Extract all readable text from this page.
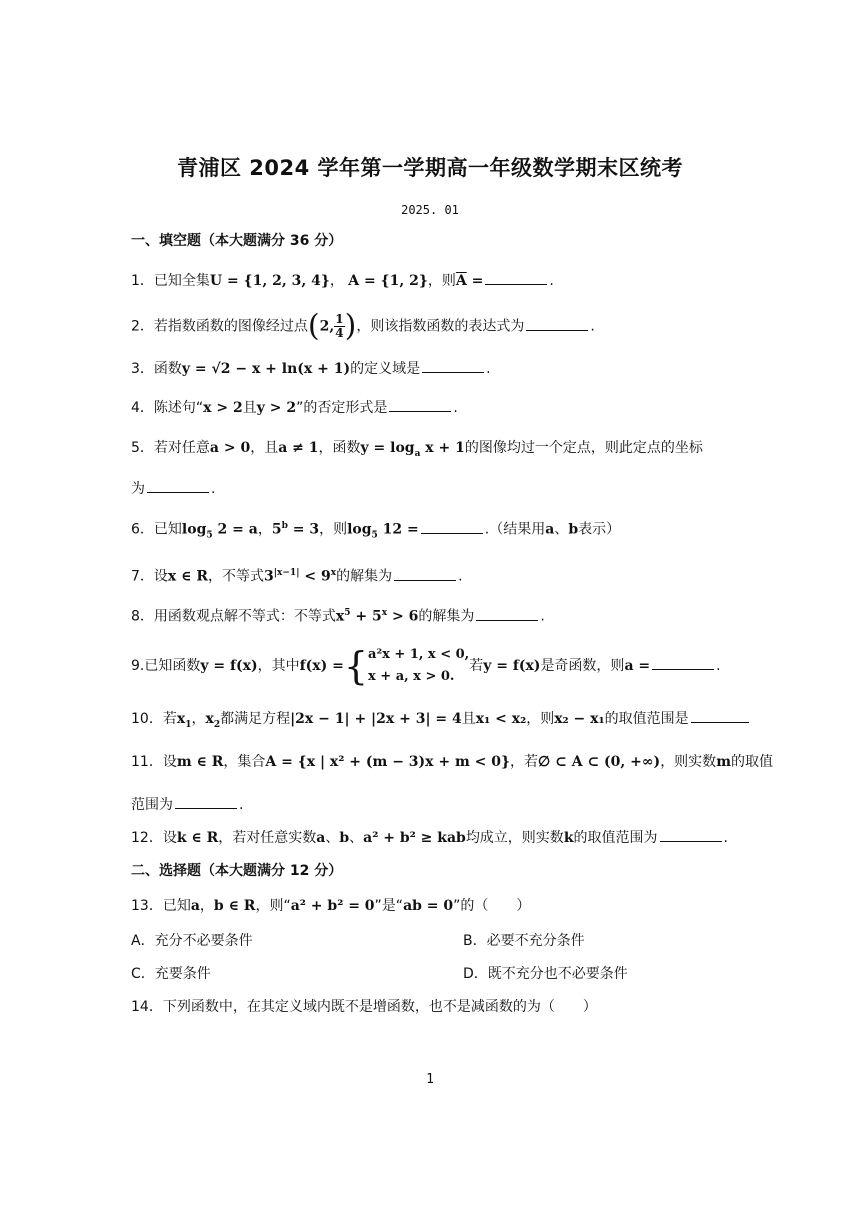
青浦区 2024 学年第一学期高一年级数学期末区统考
2025. 01
一、填空题（本大题满分 36 分）
1．已知全集U = {1, 2, 3, 4}， A = {1, 2}，则$\overline{A}$ =	.
2．若指数函数的图像经过点(2, $\frac{1}{4}$ )，则该指数函数的表达式为	.
3．函数y = √2 − x + ln(x + 1)的定义域是	.
4．陈述句“x > 2且y > 2”的否定形式是	.
5．若对任意a > 0，且a ≠ 1，函数$y = \log_a x + 1$的图像均过一个定点，则此定点的坐标
为	.
6．已知$\log_5 2 = a$，$5^b = 3$，则$\log_5 12$ =	.（结果用a、b表示）
7．设x ∈ R，不等式$3^{|x-1|} < 9^x$的解集为	.
8．用函数观点解不等式：不等式$x^5 + 5^x > 6$的解集为	.
9.已知函数y = f(x)，其中f(x) ={ a²x + 1, x < 0,
x + a, x > 0.
若y = f(x)是奇函数，则a =	.
10．若$x_1$，$x_2$都满足方程|2x − 1| + |2x + 3| = 4且x₁ < x₂，则x₂ − x₁的取值范围是
11．设m ∈ R，集合A = {x | x² + (m − 3)x + m < 0}，若∅ ⊂ A ⊂ (0, +∞)，则实数m的取值
范围为	.
12．设k ∈ R，若对任意实数a、b、a² + b² ≥ kab均成立，则实数k的取值范围为	.
二、选择题（本大题满分 12 分）
13．已知a，b ∈ R，则“a² + b² = 0”是“ab = 0”的（　　）
A．充分不必要条件	B．必要不充分条件
C．充要条件	D．既不充分也不必要条件
14．下列函数中，在其定义域内既不是增函数，也不是减函数的为（　　）
1
